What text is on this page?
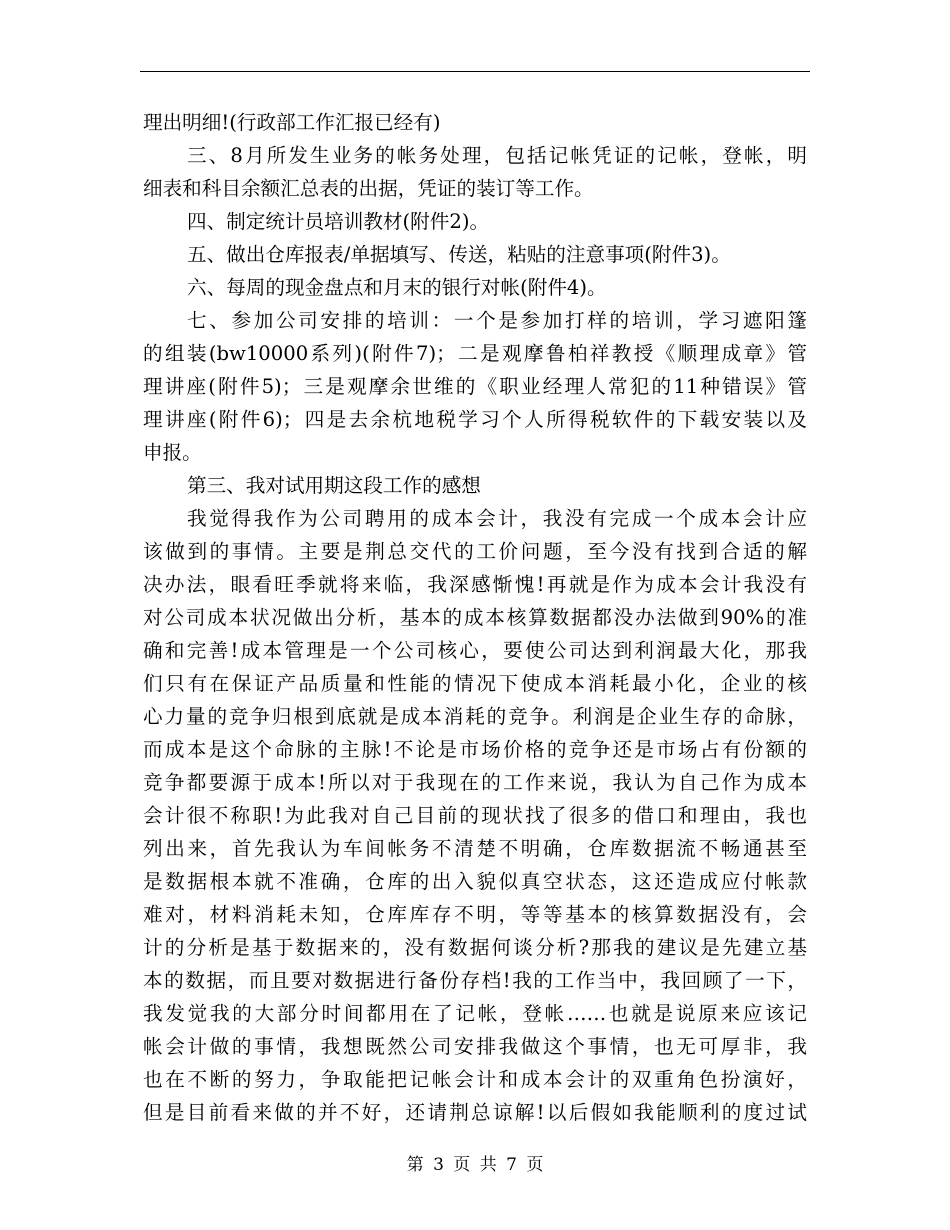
理出明细!(行政部工作汇报已经有)
三、8月所发生业务的帐务处理，包括记帐凭证的记帐，登帐，明
细表和科目余额汇总表的出据，凭证的装订等工作。
四、制定统计员培训教材(附件2)。
五、做出仓库报表/单据填写、传送，粘贴的注意事项(附件3)。
六、每周的现金盘点和月末的银行对帐(附件4)。
七、参加公司安排的培训：一个是参加打样的培训，学习遮阳篷
的组装(bw10000系列)(附件7)；二是观摩鲁柏祥教授《顺理成章》管
理讲座(附件5)；三是观摩余世维的《职业经理人常犯的11种错误》管
理讲座(附件6)；四是去余杭地税学习个人所得税软件的下载安装以及
申报。
第三、我对试用期这段工作的感想
我觉得我作为公司聘用的成本会计，我没有完成一个成本会计应
该做到的事情。主要是荆总交代的工价问题，至今没有找到合适的解
决办法，眼看旺季就将来临，我深感惭愧!再就是作为成本会计我没有
对公司成本状况做出分析，基本的成本核算数据都没办法做到90%的准
确和完善!成本管理是一个公司核心，要使公司达到利润最大化，那我
们只有在保证产品质量和性能的情况下使成本消耗最小化，企业的核
心力量的竞争归根到底就是成本消耗的竞争。利润是企业生存的命脉，
而成本是这个命脉的主脉!不论是市场价格的竞争还是市场占有份额的
竞争都要源于成本!所以对于我现在的工作来说，我认为自己作为成本
会计很不称职!为此我对自己目前的现状找了很多的借口和理由，我也
列出来，首先我认为车间帐务不清楚不明确，仓库数据流不畅通甚至
是数据根本就不准确，仓库的出入貌似真空状态，这还造成应付帐款
难对，材料消耗未知，仓库库存不明，等等基本的核算数据没有，会
计的分析是基于数据来的，没有数据何谈分析?那我的建议是先建立基
本的数据，而且要对数据进行备份存档!我的工作当中，我回顾了一下，
我发觉我的大部分时间都用在了记帐，登帐……也就是说原来应该记
帐会计做的事情，我想既然公司安排我做这个事情，也无可厚非，我
也在不断的努力，争取能把记帐会计和成本会计的双重角色扮演好，
但是目前看来做的并不好，还请荆总谅解!以后假如我能顺利的度过试
第 3 页 共 7 页
